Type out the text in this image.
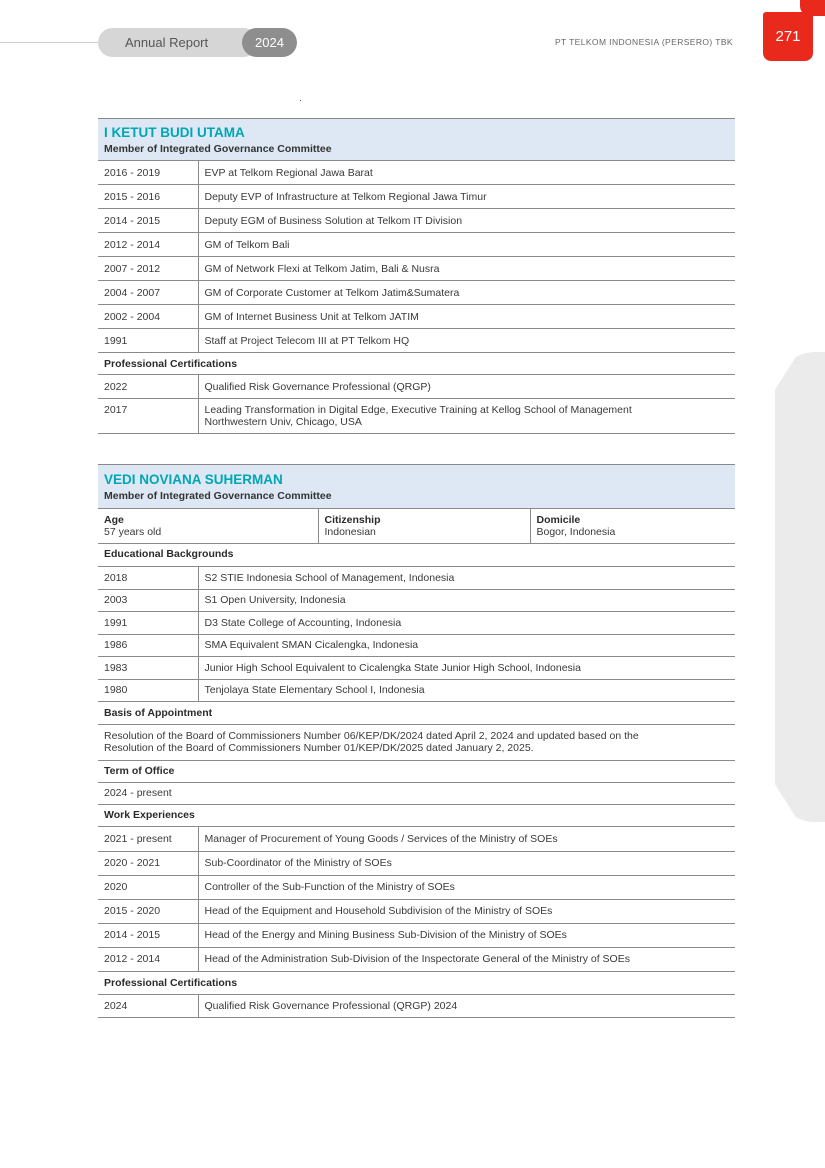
Annual Report	2024	PT TELKOM INDONESIA (PERSERO) TBK	271
I KETUT BUDI UTAMA
Member of Integrated Governance Committee	

2016 - 2019	EVP at Telkom Regional Jawa Barat
2015 - 2016	Deputy EVP of Infrastructure at Telkom Regional Jawa Timur
2014 - 2015	Deputy EGM of Business Solution at Telkom IT Division
2012 - 2014	GM of Telkom Bali
2007 - 2012	GM of Network Flexi at Telkom Jatim, Bali & Nusra
2004 - 2007	GM of Corporate Customer at Telkom Jatim&Sumatera
2002 - 2004	GM of Internet Business Unit at Telkom JATIM
1991	Staff at Project Telecom III at PT Telkom HQ
Professional Certifications	
2022	Qualified Risk Governance Professional (QRGP)
2017	Leading Transformation in Digital Edge, Executive Training at Kellog School of Management
Northwestern Univ, Chicago, USA
VEDI NOVIANA SUHERMAN
Member of Integrated Governance Committee

Age
57 years old

Citizenship
Indonesian

Domicile
Bogor, Indonesia
Educational Backgrounds	
2018	S2 STIE Indonesia School of Management, Indonesia
2003	S1 Open University, Indonesia
1991	D3 State College of Accounting, Indonesia
1986	SMA Equivalent SMAN Cicalengka, Indonesia
1983	Junior High School Equivalent to Cicalengka State Junior High School, Indonesia
1980	Tenjolaya State Elementary School I, Indonesia
Basis of Appointment	

Resolution of the Board of Commissioners Number 06/KEP/DK/2024 dated April 2, 2024 and updated based on the
Resolution of the Board of Commissioners Number 01/KEP/DK/2025 dated January 2, 2025.	

Term of Office	
2024 - present	
Work Experiences	
2021 - present	Manager of Procurement of Young Goods / Services of the Ministry of SOEs
2020 - 2021	Sub-Coordinator of the Ministry of SOEs
2020	Controller of the Sub-Function of the Ministry of SOEs
2015 - 2020	Head of the Equipment and Household Subdivision of the Ministry of SOEs
2014 - 2015	Head of the Energy and Mining Business Sub-Division of the Ministry of SOEs
2012 - 2014	Head of the Administration Sub-Division of the Inspectorate General of the Ministry of SOEs
Professional Certifications	
2024	Qualified Risk Governance Professional (QRGP) 2024
